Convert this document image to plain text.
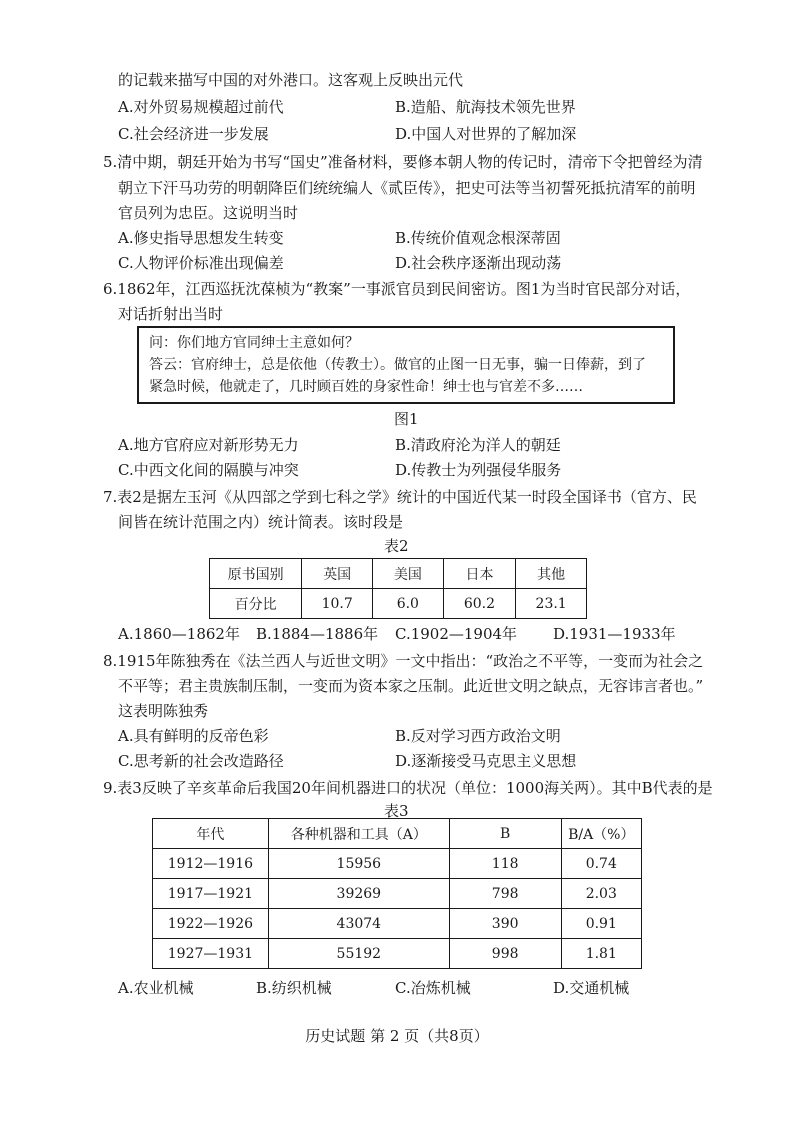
的记载来描写中国的对外港口。这客观上反映出元代
A.对外贸易规模超过前代	B.造船、航海技术领先世界
C.社会经济进一步发展	D.中国人对世界的了解加深
5.清中期，朝廷开始为书写“国史”准备材料，要修本朝人物的传记时，清帝下令把曾经为清
朝立下汗马功劳的明朝降臣们统统编人《贰臣传》，把史可法等当初誓死抵抗清军的前明
官员列为忠臣。这说明当时
A.修史指导思想发生转变	B.传统价值观念根深蒂固
C.人物评价标准出现偏差	D.社会秩序逐渐出现动荡
6.1862年，江西巡抚沈葆桢为“教案”一事派官员到民间密访。图1为当时官民部分对话，
对话折射出当时
问：你们地方官同绅士主意如何？
答云：官府绅士，总是依他（传教士）。做官的止图一日无事，骗一日俸薪，到了
紧急时候，他就走了，几时顾百姓的身家性命！绅士也与官差不多……
图1
A.地方官府应对新形势无力	B.清政府沦为洋人的朝廷
C.中西文化间的隔膜与冲突	D.传教士为列强侵华服务
7.表2是据左玉河《从四部之学到七科之学》统计的中国近代某一时段全国译书（官方、民
间皆在统计范围之内）统计简表。该时段是
表2
原书国别	英国	美国	日本	其他
百分比	10.7	6.0	60.2	23.1
A.1860—1862年 B.1884—1886年 C.1902—1904年 D.1931—1933年
8.1915年陈独秀在《法兰西人与近世文明》一文中指出：“政治之不平等，一变而为社会之
不平等；君主贵族制压制，一变而为资本家之压制。此近世文明之缺点，无容讳言者也。”
这表明陈独秀
A.具有鲜明的反帝色彩	B.反对学习西方政治文明
C.思考新的社会改造路径	D.逐渐接受马克思主义思想
9.表3反映了辛亥革命后我国20年间机器进口的状况（单位：1000海关两）。其中B代表的是
表3
年代	各种机器和工具（A）	B	B/A（%）
1912—1916	15956	118	0.74
1917—1921	39269	798	2.03
1922—1926	43074	390	0.91
1927—1931	55192	998	1.81
A.农业机械	B.纺织机械	C.冶炼机械	D.交通机械
历史试题 第 2 页（共8页）
